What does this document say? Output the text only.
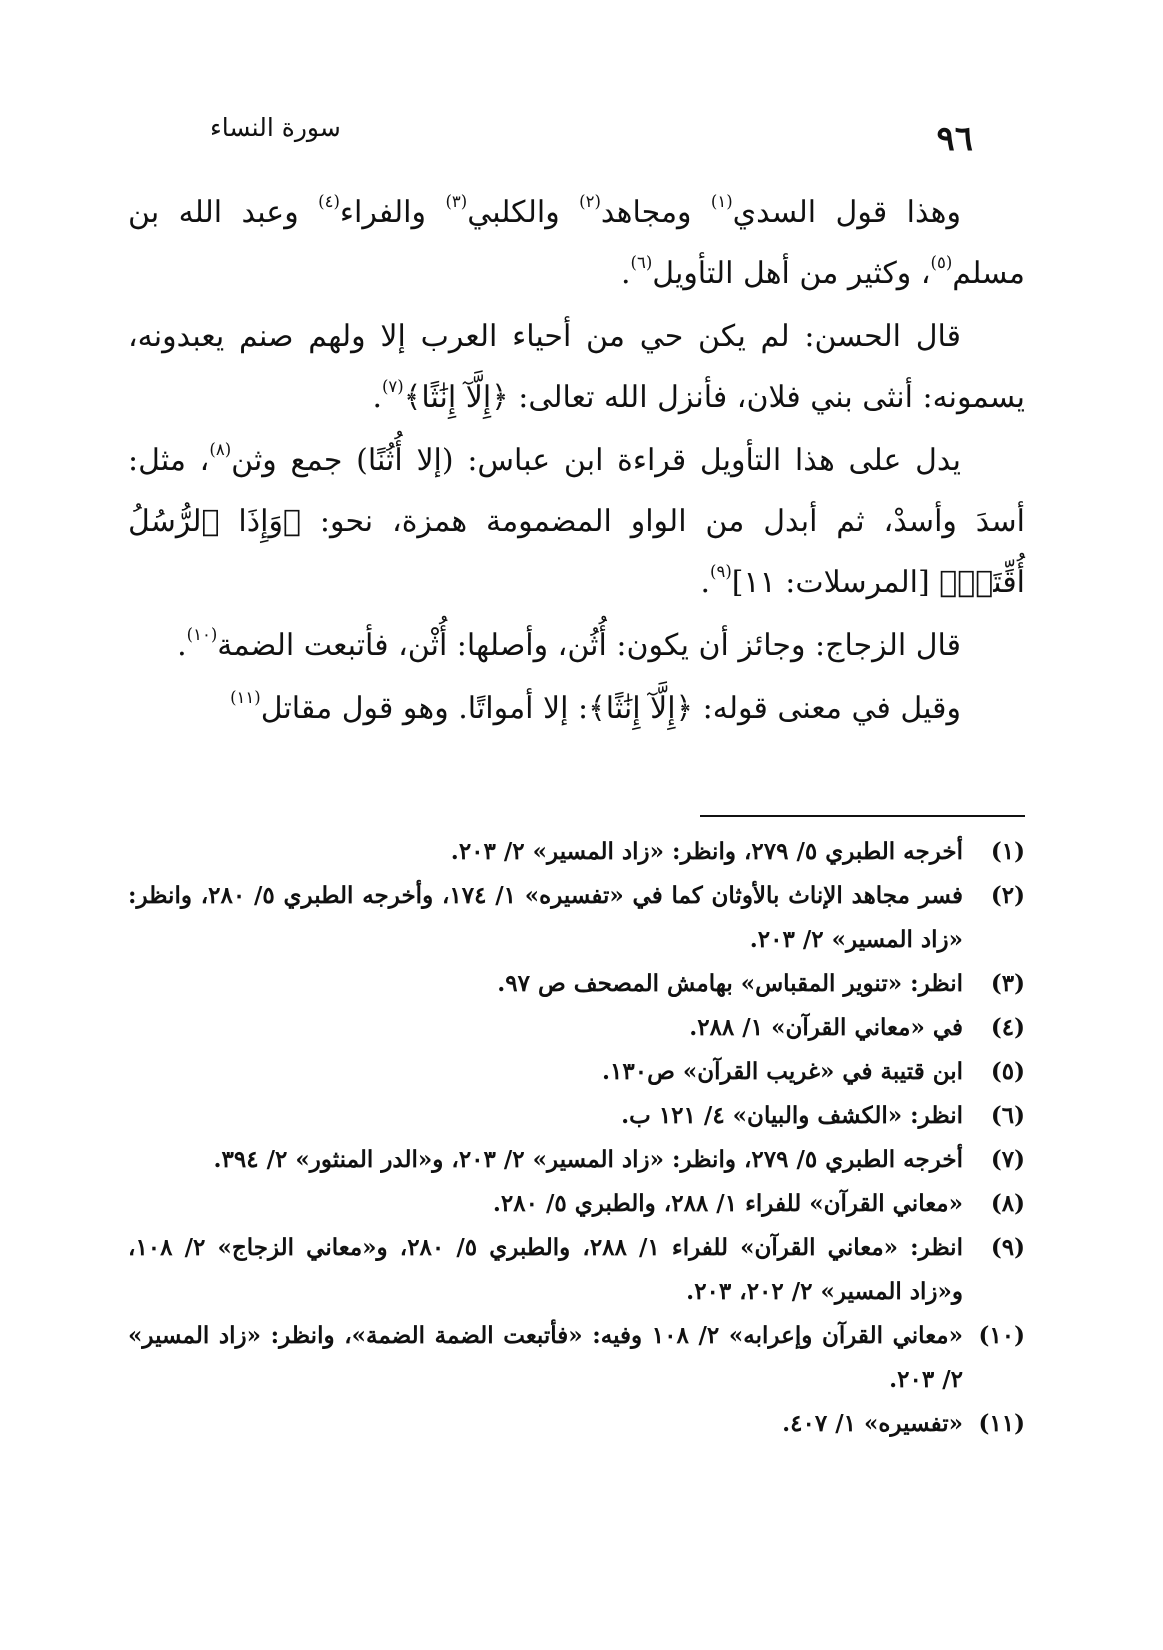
٩٦
سورة النساء

وهذا قول السدي$^{(١)}$ ومجاهد$^{(٢)}$ والكلبي$^{(٣)}$ والفراء$^{(٤)}$ وعبد الله بن مسلم$^{(٥)}$، وكثير من أهل التأويل$^{(٦)}$.

قال الحسن: لم يكن حي من أحياء العرب إلا ولهم صنم يعبدونه، يسمونه: أنثى بني فلان، فأنزل الله تعالى: ﴿إِلَّآ إِنَٰثًا﴾$^{(٧)}$.

يدل على هذا التأويل قراءة ابن عباس: (إلا أُثُنًا) جمع وثن$^{(٨)}$، مثل: أسدَ وأسدْ، ثم أبدل من الواو المضمومة همزة، نحو: ﴿وَإِذَا ٱلرُّسُلُ أُقِّتَتۡ﴾ [المرسلات: ١١]$^{(٩)}$.

قال الزجاج: وجائز أن يكون: أُثُن، وأصلها: أُثْن، فأتبعت الضمة$^{(١٠)}$.

وقيل في معنى قوله: ﴿إِلَّآ إِنَٰثًا﴾: إلا أمواتًا. وهو قول مقاتل$^{(١١)}$

(١)
أخرجه الطبري ٥/ ٢٧٩، وانظر: «زاد المسير» ٢/ ٢٠٣.
(٢)
فسر مجاهد الإناث بالأوثان كما في «تفسيره» ١/ ١٧٤، وأخرجه الطبري ٥/ ٢٨٠، وانظر: «زاد المسير» ٢/ ٢٠٣.
(٣)
انظر: «تنوير المقباس» بهامش المصحف ص ٩٧.
(٤)
في «معاني القرآن» ١/ ٢٨٨.
(٥)
ابن قتيبة في «غريب القرآن» ص١٣٠.
(٦)
انظر: «الكشف والبيان» ٤/ ١٢١ ب.
(٧)
أخرجه الطبري ٥/ ٢٧٩، وانظر: «زاد المسير» ٢/ ٢٠٣، و«الدر المنثور» ٢/ ٣٩٤.
(٨)
«معاني القرآن» للفراء ١/ ٢٨٨، والطبري ٥/ ٢٨٠.
(٩)
انظر: «معاني القرآن» للفراء ١/ ٢٨٨، والطبري ٥/ ٢٨٠، و«معاني الزجاج» ٢/ ١٠٨، و«زاد المسير» ٢/ ٢٠٢، ٢٠٣.
(١٠)
«معاني القرآن وإعرابه» ٢/ ١٠٨ وفيه: «فأتبعت الضمة الضمة»، وانظر: «زاد المسير» ٢/ ٢٠٣.
(١١)
«تفسيره» ١/ ٤٠٧.
